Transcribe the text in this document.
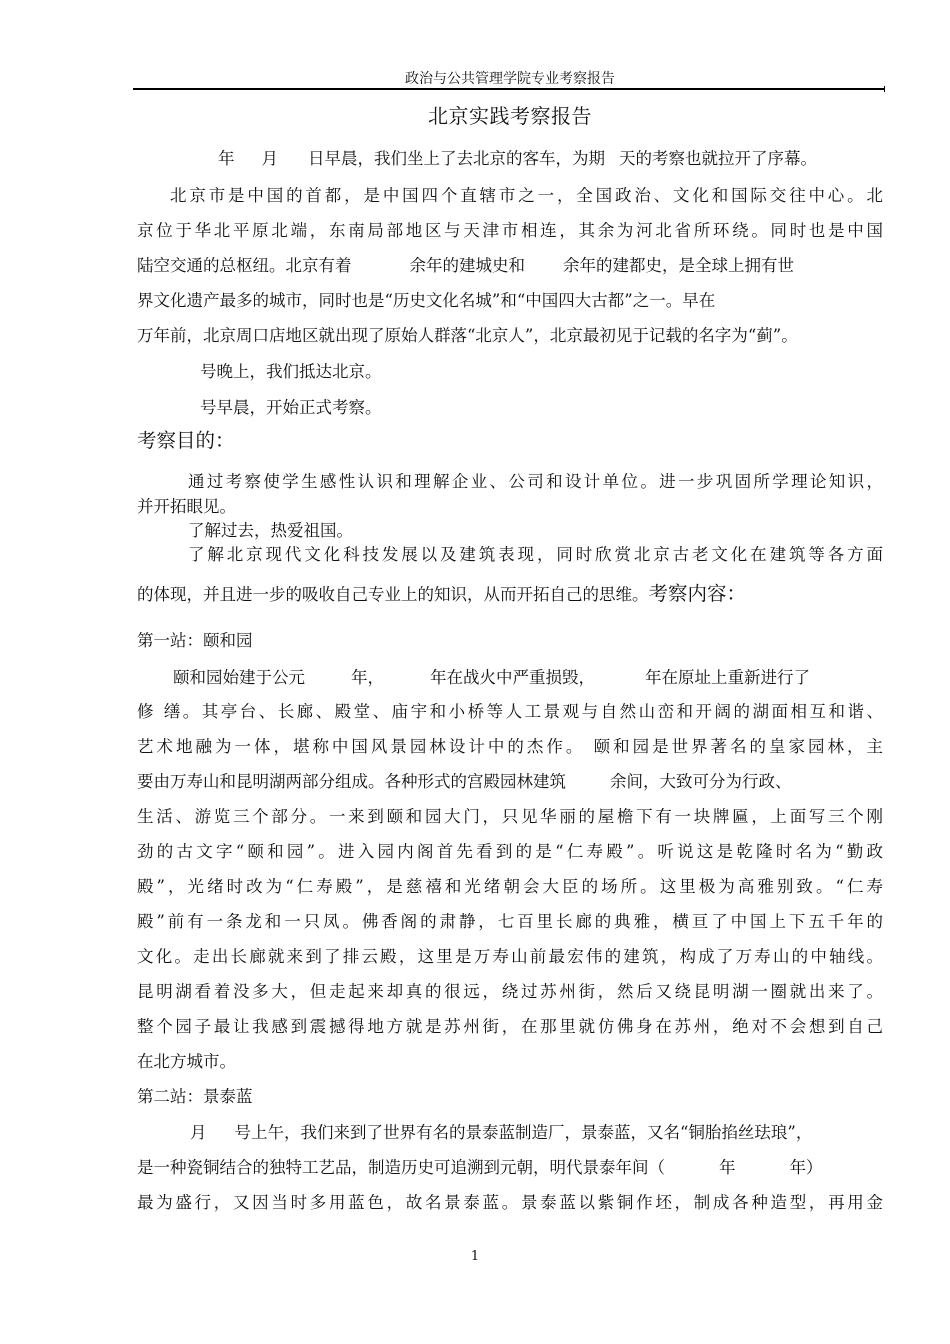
政治与公共管理学院专业考察报告
北京实践考察报告
年 月 日早晨，我们坐上了去北京的客车，为期 天的考察也就拉开了序幕。
北京市是中国的首都，是中国四个直辖市之一，全国政治、文化和国际交往中心。北
京位于华北平原北端，东南局部地区与天津市相连，其余为河北省所环绕。同时也是中国
陆空交通的总枢纽。北京有着	余年的建城史和 余年的建都史，是全球上拥有世
界文化遗产最多的城市，同时也是“历史文化名城”和“中国四大古都”之一。早在
万年前，北京周口店地区就出现了原始人群落“北京人”，北京最初见于记载的名字为“蓟”。
号晚上，我们抵达北京。
号早晨，开始正式考察。
考察目的：
通过考察使学生感性认识和理解企业、公司和设计单位。进一步巩固所学理论知识，
并开拓眼见。
了解过去，热爱祖国。
了解北京现代文化科技发展以及建筑表现，同时欣赏北京古老文化在建筑等各方面
的体现，并且进一步的吸收自己专业上的知识，从而开拓自己的思维。考察内容：
第一站：颐和园
颐和园始建于公元	年，	年在战火中严重损毁，	年在原址上重新进行了
修 缮。其亭台、长廊、殿堂、庙宇和小桥等人工景观与自然山峦和开阔的湖面相互和谐、
艺术地融为一体，堪称中国风景园林设计中的杰作。 颐和园是世界著名的皇家园林，主
要由万寿山和昆明湖两部分组成。各种形式的宫殿园林建筑	余间，大致可分为行政、
生活、游览三个部分。一来到颐和园大门，只见华丽的屋檐下有一块牌匾，上面写三个刚
劲的古文字“颐和园”。进入园内阁首先看到的是“仁寿殿”。听说这是乾隆时名为“勤政
殿”，光绪时改为“仁寿殿”，是慈禧和光绪朝会大臣的场所。这里极为高雅别致。“仁寿
殿”前有一条龙和一只凤。佛香阁的肃静，七百里长廊的典雅，横亘了中国上下五千年的
文化。走出长廊就来到了排云殿，这里是万寿山前最宏伟的建筑，构成了万寿山的中轴线。
昆明湖看着没多大，但走起来却真的很远，绕过苏州街，然后又绕昆明湖一圈就出来了。
整个园子最让我感到震撼得地方就是苏州街，在那里就仿佛身在苏州，绝对不会想到自己
在北方城市。
第二站：景泰蓝
月 号上午，我们来到了世界有名的景泰蓝制造厂，景泰蓝，又名“铜胎掐丝珐琅”，
是一种瓷铜结合的独特工艺品，制造历史可追溯到元朝，明代景泰年间（	年	年）
最为盛行，又因当时多用蓝色，故名景泰蓝。景泰蓝以紫铜作坯，制成各种造型，再用金
1
